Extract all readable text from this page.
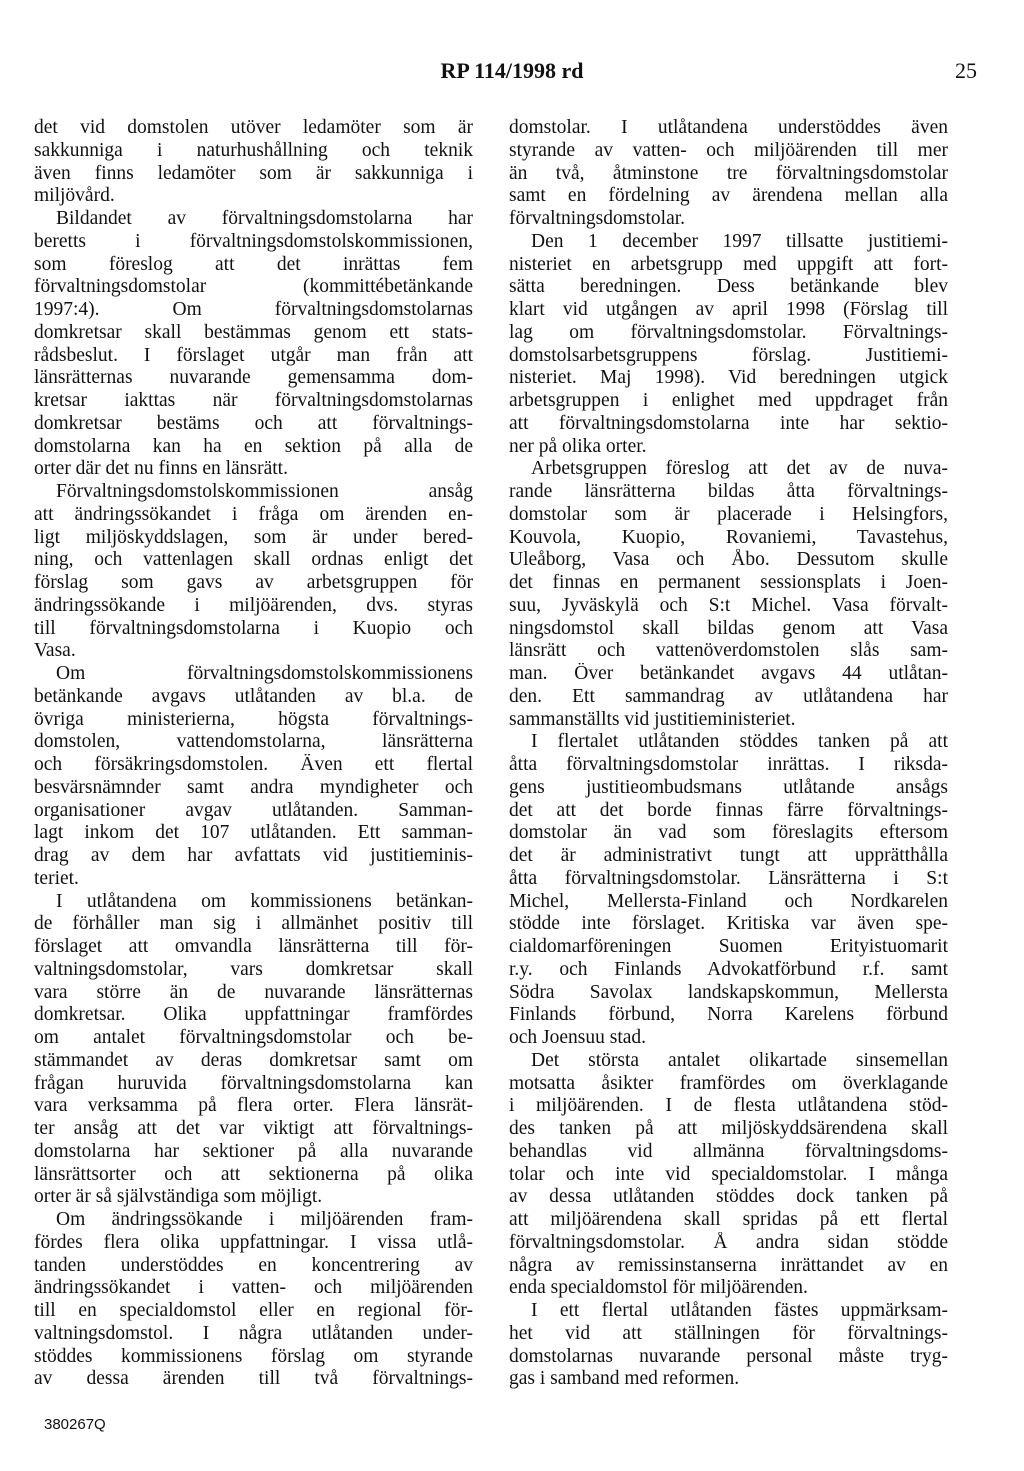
RP 114/1998 rd	25
det vid domstolen utöver ledamöter som är
sakkunniga i naturhushållning och teknik
även finns ledamöter som är sakkunniga i
miljövård.
Bildandet av förvaltningsdomstolarna har
beretts i förvaltningsdomstolskommissionen,
som föreslog att det inrättas fem
förvaltningsdomstolar (kommittébetänkande
1997:4). Om förvaltningsdomstolarnas
domkretsar skall bestämmas genom ett stats-
rådsbeslut. I förslaget utgår man från att
länsrätternas nuvarande gemensamma dom-
kretsar iakttas när förvaltningsdomstolarnas
domkretsar bestäms och att förvaltnings-
domstolarna kan ha en sektion på alla de
orter där det nu finns en länsrätt.
Förvaltningsdomstolskommissionen ansåg
att ändringssökandet i fråga om ärenden en-
ligt miljöskyddslagen, som är under bered-
ning, och vattenlagen skall ordnas enligt det
förslag som gavs av arbetsgruppen för
ändringssökande i miljöärenden, dvs. styras
till förvaltningsdomstolarna i Kuopio och
Vasa.
Om förvaltningsdomstolskommissionens
betänkande avgavs utlåtanden av bl.a. de
övriga ministerierna, högsta förvaltnings-
domstolen, vattendomstolarna, länsrätterna
och försäkringsdomstolen. Även ett flertal
besvärsnämnder samt andra myndigheter och
organisationer avgav utlåtanden. Samman-
lagt inkom det 107 utlåtanden. Ett samman-
drag av dem har avfattats vid justitieminis-
teriet.
I utlåtandena om kommissionens betänkan-
de förhåller man sig i allmänhet positiv till
förslaget att omvandla länsrätterna till för-
valtningsdomstolar, vars domkretsar skall
vara större än de nuvarande länsrätternas
domkretsar. Olika uppfattningar framfördes
om antalet förvaltningsdomstolar och be-
stämmandet av deras domkretsar samt om
frågan huruvida förvaltningsdomstolarna kan
vara verksamma på flera orter. Flera länsrät-
ter ansåg att det var viktigt att förvaltnings-
domstolarna har sektioner på alla nuvarande
länsrättsorter och att sektionerna på olika
orter är så självständiga som möjligt.
Om ändringssökande i miljöärenden fram-
fördes flera olika uppfattningar. I vissa utlå-
tanden understöddes en koncentrering av
ändringssökandet i vatten- och miljöärenden
till en specialdomstol eller en regional för-
valtningsdomstol. I några utlåtanden under-
stöddes kommissionens förslag om styrande
av dessa ärenden till två förvaltnings-
domstolar. I utlåtandena understöddes även
styrande av vatten- och miljöärenden till mer
än två, åtminstone tre förvaltningsdomstolar
samt en fördelning av ärendena mellan alla
förvaltningsdomstolar.
Den 1 december 1997 tillsatte justitiemi-
nisteriet en arbetsgrupp med uppgift att fort-
sätta beredningen. Dess betänkande blev
klart vid utgången av april 1998 (Förslag till
lag om förvaltningsdomstolar. Förvaltnings-
domstolsarbetsgruppens förslag. Justitiemi-
nisteriet. Maj 1998). Vid beredningen utgick
arbetsgruppen i enlighet med uppdraget från
att förvaltningsdomstolarna inte har sektio-
ner på olika orter.
Arbetsgruppen föreslog att det av de nuva-
rande länsrätterna bildas åtta förvaltnings-
domstolar som är placerade i Helsingfors,
Kouvola, Kuopio, Rovaniemi, Tavastehus,
Uleåborg, Vasa och Åbo. Dessutom skulle
det finnas en permanent sessionsplats i Joen-
suu, Jyväskylä och S:t Michel. Vasa förvalt-
ningsdomstol skall bildas genom att Vasa
länsrätt och vattenöverdomstolen slås sam-
man. Över betänkandet avgavs 44 utlåtan-
den. Ett sammandrag av utlåtandena har
sammanställts vid justitieministeriet.
I flertalet utlåtanden stöddes tanken på att
åtta förvaltningsdomstolar inrättas. I riksda-
gens justitieombudsmans utlåtande ansågs
det att det borde finnas färre förvaltnings-
domstolar än vad som föreslagits eftersom
det är administrativt tungt att upprätthålla
åtta förvaltningsdomstolar. Länsrätterna i S:t
Michel, Mellersta-Finland och Nordkarelen
stödde inte förslaget. Kritiska var även spe-
cialdomarföreningen Suomen Erityistuomarit
r.y. och Finlands Advokatförbund r.f. samt
Södra Savolax landskapskommun, Mellersta
Finlands förbund, Norra Karelens förbund
och Joensuu stad.
Det största antalet olikartade sinsemellan
motsatta åsikter framfördes om överklagande
i miljöärenden. I de flesta utlåtandena stöd-
des tanken på att miljöskyddsärendena skall
behandlas vid allmänna förvaltningsdoms-
tolar och inte vid specialdomstolar. I många
av dessa utlåtanden stöddes dock tanken på
att miljöärendena skall spridas på ett flertal
förvaltningsdomstolar. Å andra sidan stödde
några av remissinstanserna inrättandet av en
enda specialdomstol för miljöärenden.
I ett flertal utlåtanden fästes uppmärksam-
het vid att ställningen för förvaltnings-
domstolarnas nuvarande personal måste tryg-
gas i samband med reformen.
380267Q
